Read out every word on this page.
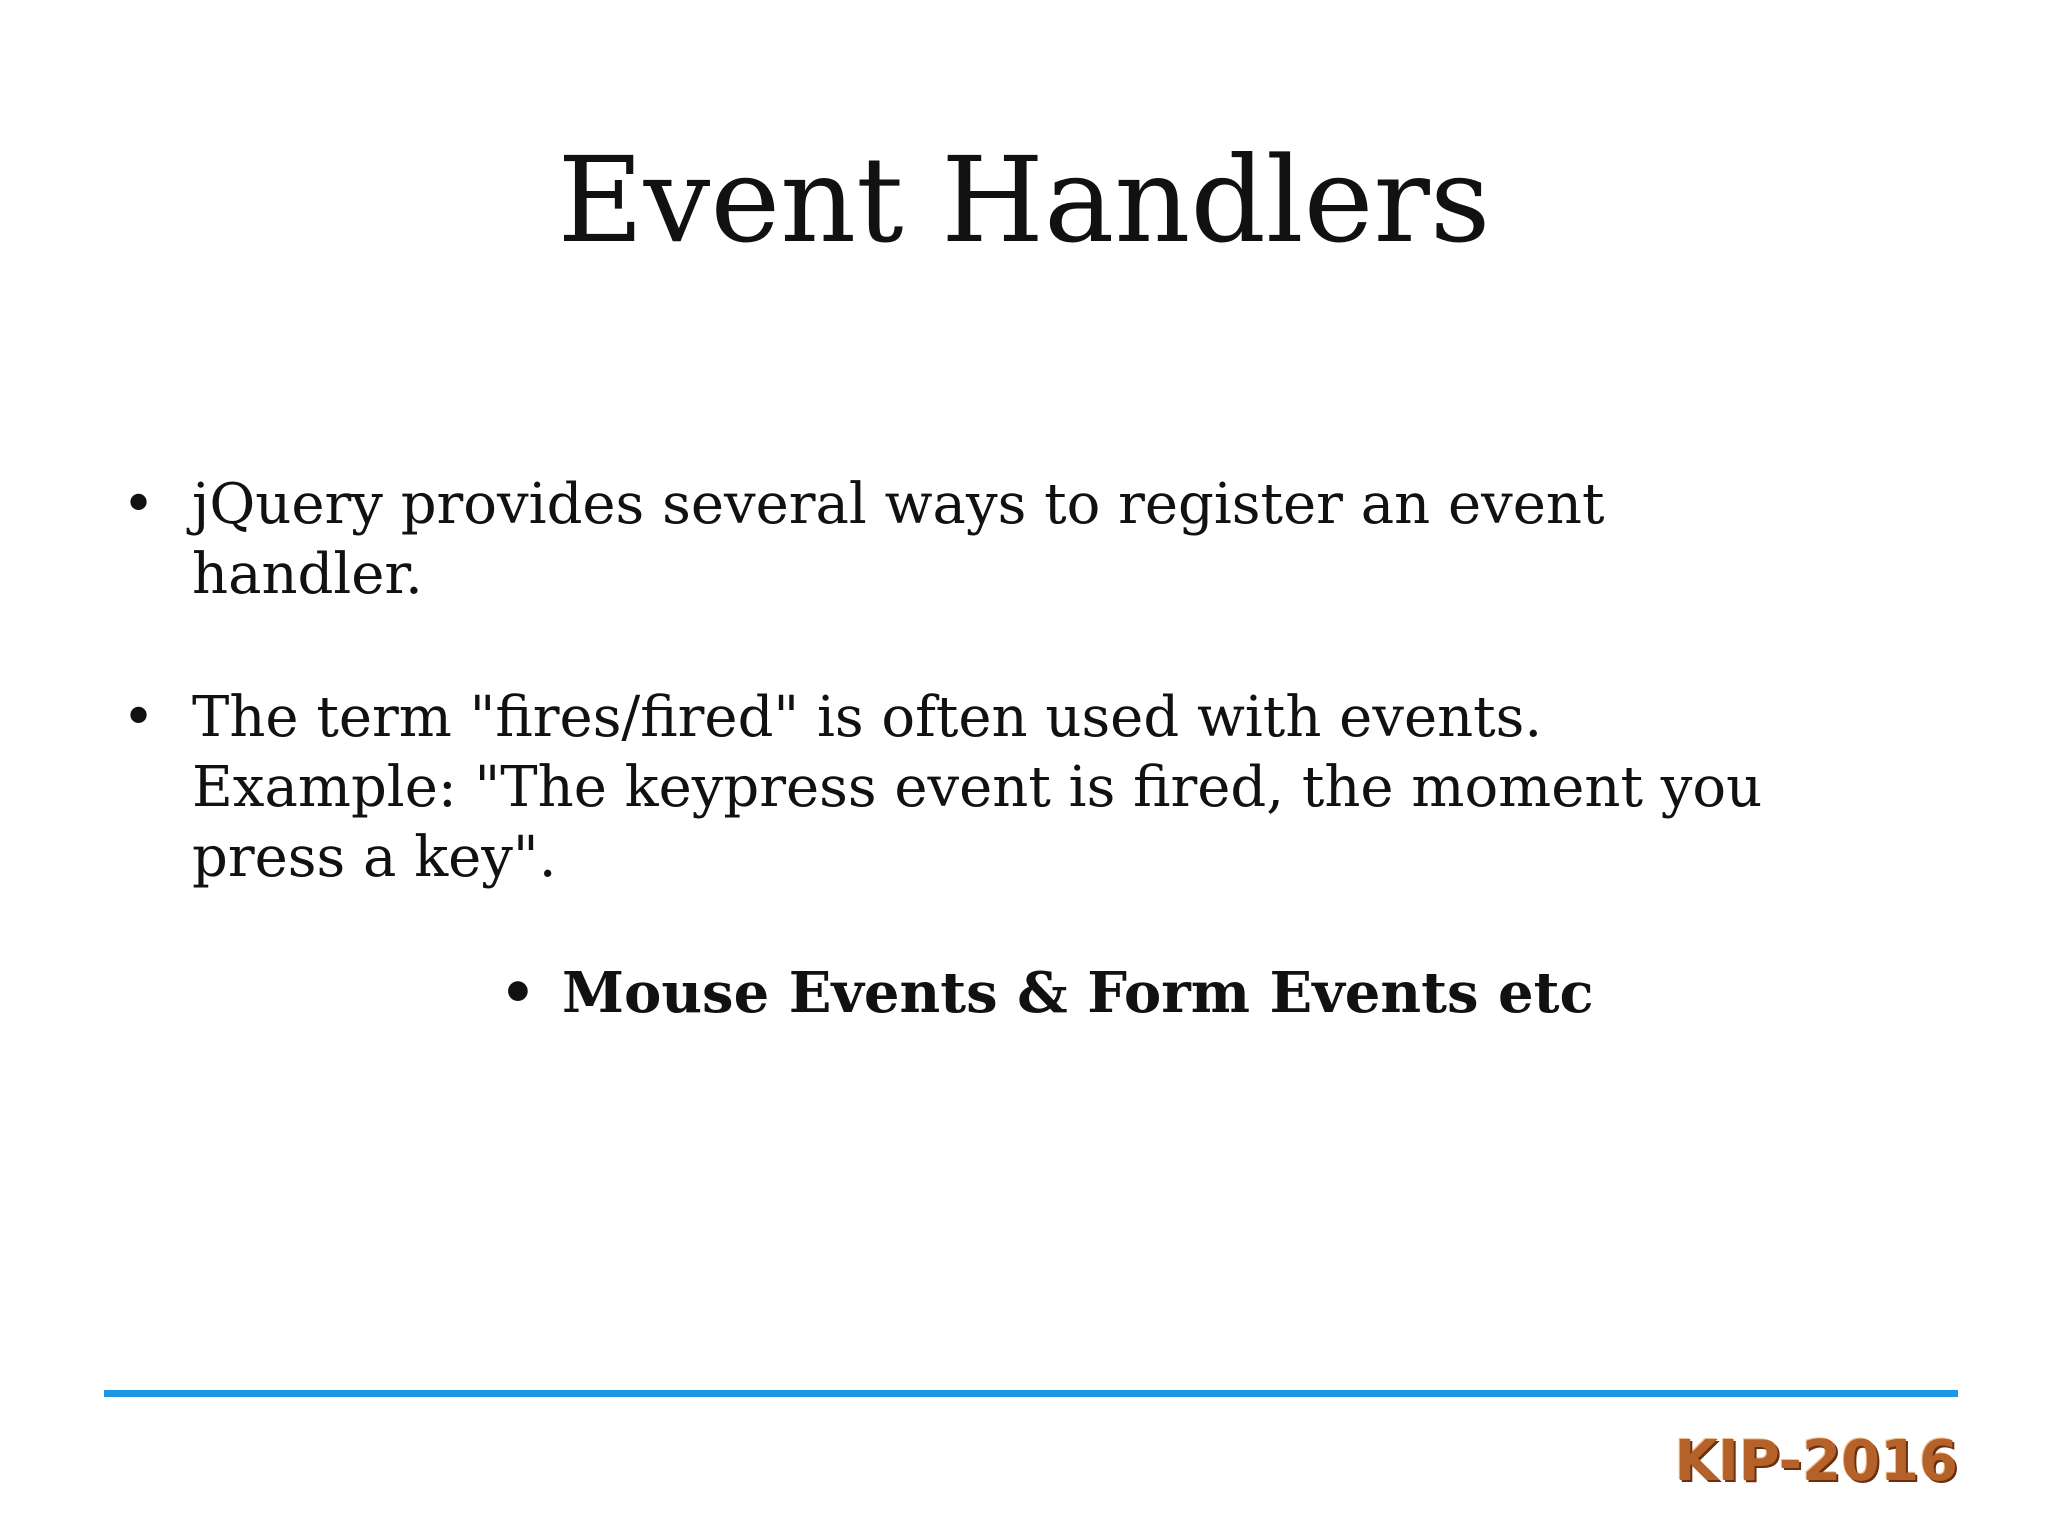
Event Handlers
• jQuery provides several ways to register an event handler.
• The term "fires/fired" is often used with events. Example: "The keypress event is fired, the moment you press a key".
• Mouse Events & Form Events etc
KIP-2016
